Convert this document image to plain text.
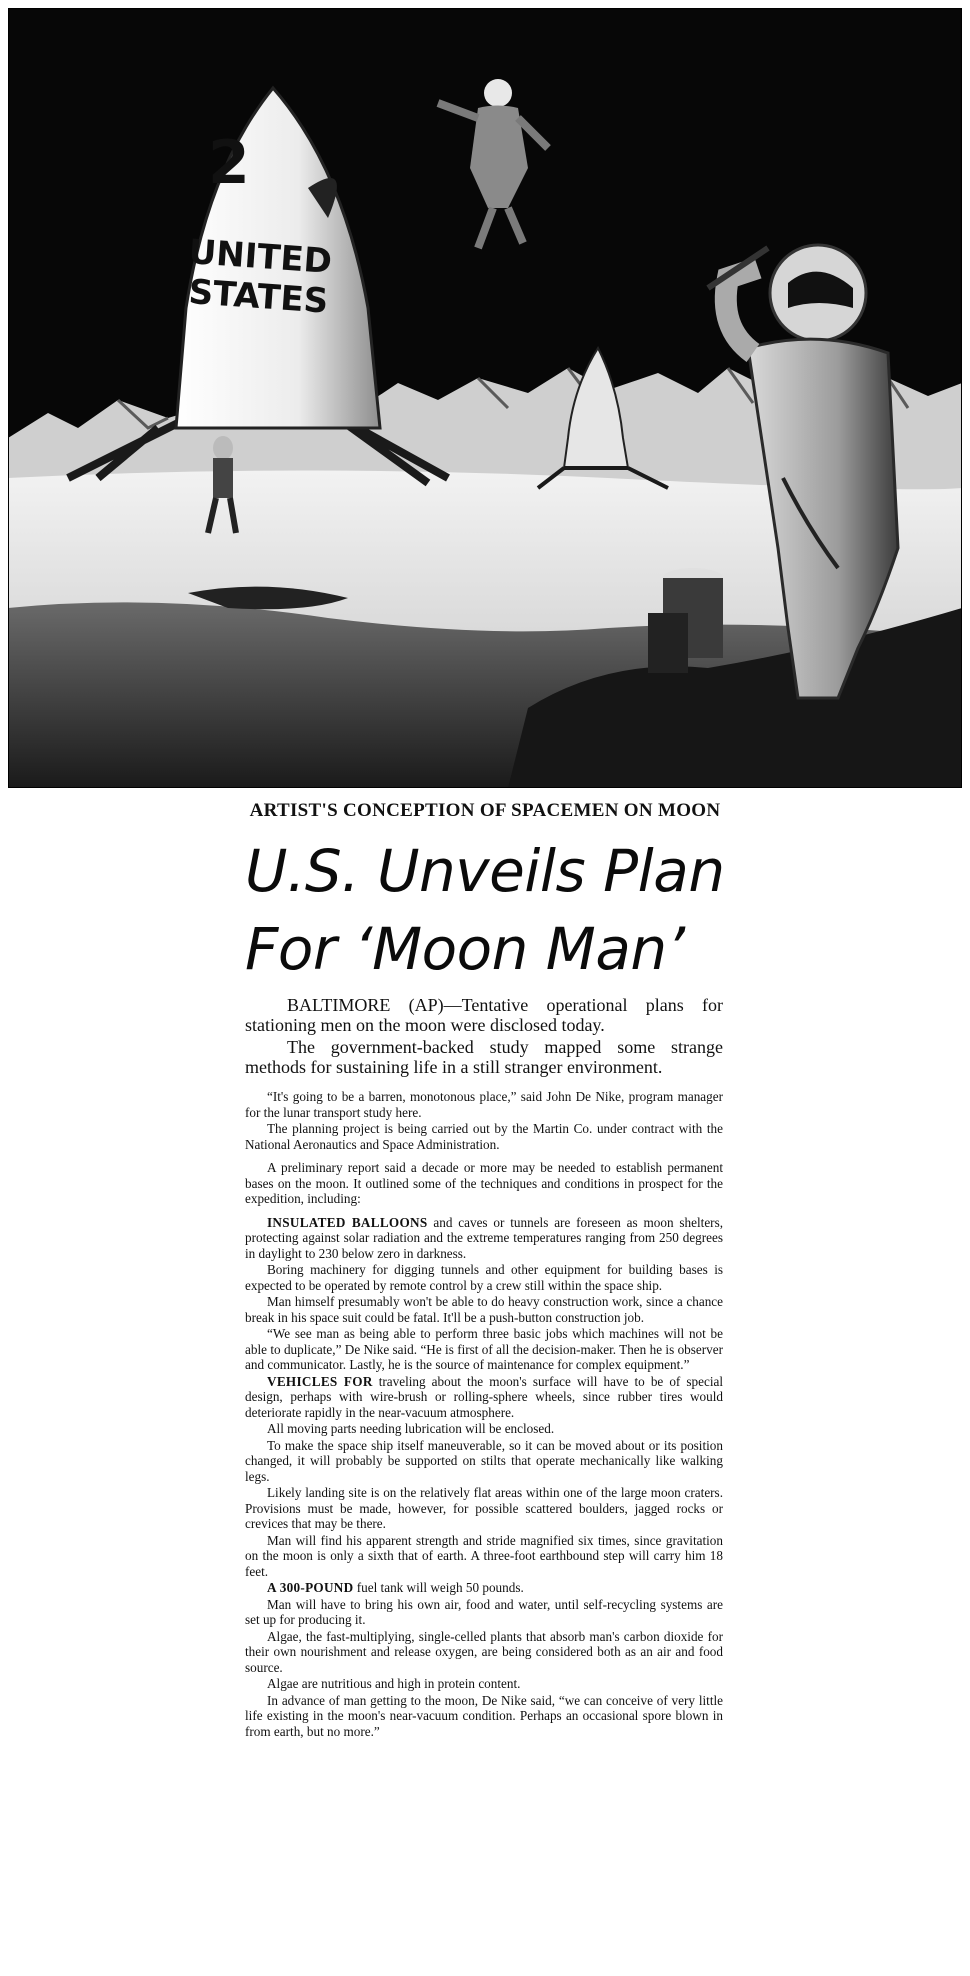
2
UNITED
STATES
ARTIST'S CONCEPTION OF SPACEMEN ON MOON
U.S. Unveils Plan
For ‘Moon Man’

BALTIMORE (AP)—Tentative operational plans for stationing men on the moon were disclosed today.

The government-backed study mapped some strange methods for sustaining life in a still stranger environment.

“It's going to be a barren, monotonous place,” said John De Nike, program manager for the lunar transport study here.

The planning project is being carried out by the Martin Co. under contract with the National Aeronautics and Space Administration.

A preliminary report said a decade or more may be needed to establish permanent bases on the moon. It outlined some of the techniques and conditions in prospect for the expedition, including:

INSULATED BALLOONS and caves or tunnels are foreseen as moon shelters, protecting against solar radiation and the extreme temperatures ranging from 250 degrees in daylight to 230 below zero in darkness.

Boring machinery for digging tunnels and other equipment for building bases is expected to be operated by remote control by a crew still within the space ship.

Man himself presumably won't be able to do heavy construction work, since a chance break in his space suit could be fatal. It'll be a push-button construction job.

“We see man as being able to perform three basic jobs which machines will not be able to duplicate,” De Nike said. “He is first of all the decision-maker. Then he is observer and communicator. Lastly, he is the source of maintenance for complex equipment.”

VEHICLES FOR traveling about the moon's surface will have to be of special design, perhaps with wire-brush or rolling-sphere wheels, since rubber tires would deteriorate rapidly in the near-vacuum atmosphere.

All moving parts needing lubrication will be enclosed.

To make the space ship itself maneuverable, so it can be moved about or its position changed, it will probably be supported on stilts that operate mechanically like walking legs.

Likely landing site is on the relatively flat areas within one of the large moon craters. Provisions must be made, however, for possible scattered boulders, jagged rocks or crevices that may be there.

Man will find his apparent strength and stride magnified six times, since gravitation on the moon is only a sixth that of earth. A three-foot earthbound step will carry him 18 feet.

A 300-POUND fuel tank will weigh 50 pounds.

Man will have to bring his own air, food and water, until self-recycling systems are set up for producing it.

Algae, the fast-multiplying, single-celled plants that absorb man's carbon dioxide for their own nourishment and release oxygen, are being considered both as an air and food source.

Algae are nutritious and high in protein content.

In advance of man getting to the moon, De Nike said, “we can conceive of very little life existing in the moon's near-vacuum condition. Perhaps an occasional spore blown in from earth, but no more.”
